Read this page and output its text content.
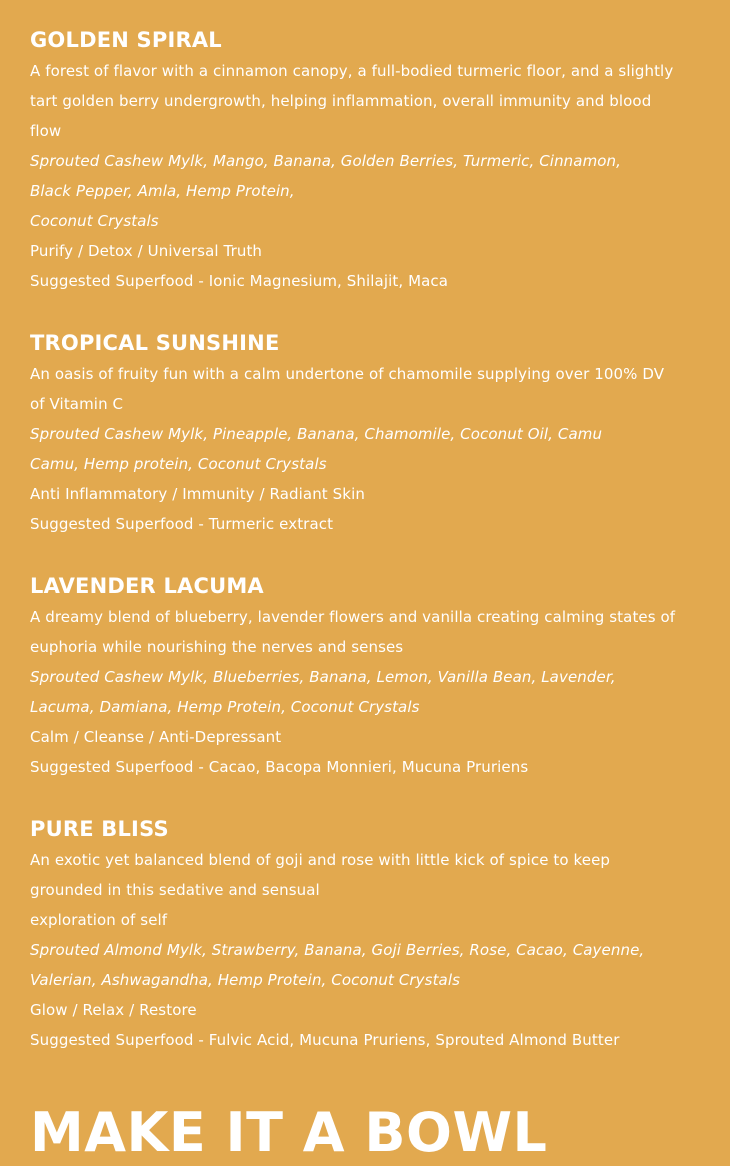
GOLDEN SPIRAL

A forest of flavor with a cinnamon canopy, a full-bodied turmeric floor, and a slightly

tart golden berry undergrowth, helping inflammation, overall immunity and blood

flow

Sprouted Cashew Mylk, Mango, Banana, Golden Berries, Turmeric, Cinnamon,

Black Pepper, Amla, Hemp Protein,

Coconut Crystals

Purify / Detox / Universal Truth

Suggested Superfood - Ionic Magnesium, Shilajit, Maca

TROPICAL SUNSHINE

An oasis of fruity fun with a calm undertone of chamomile supplying over 100% DV

of Vitamin C

Sprouted Cashew Mylk, Pineapple, Banana, Chamomile, Coconut Oil, Camu

Camu, Hemp protein, Coconut Crystals

Anti Inflammatory / Immunity / Radiant Skin

Suggested Superfood - Turmeric extract

LAVENDER LACUMA

A dreamy blend of blueberry, lavender flowers and vanilla creating calming states of

euphoria while nourishing the nerves and senses

Sprouted Cashew Mylk, Blueberries, Banana, Lemon, Vanilla Bean, Lavender,

Lacuma, Damiana, Hemp Protein, Coconut Crystals

Calm / Cleanse / Anti-Depressant

Suggested Superfood - Cacao, Bacopa Monnieri, Mucuna Pruriens

PURE BLISS

An exotic yet balanced blend of goji and rose with little kick of spice to keep

grounded in this sedative and sensual

exploration of self

Sprouted Almond Mylk, Strawberry, Banana, Goji Berries, Rose, Cacao, Cayenne,

Valerian, Ashwagandha, Hemp Protein, Coconut Crystals

Glow / Relax / Restore

Suggested Superfood - Fulvic Acid, Mucuna Pruriens, Sprouted Almond Butter

MAKE IT A BOWL
